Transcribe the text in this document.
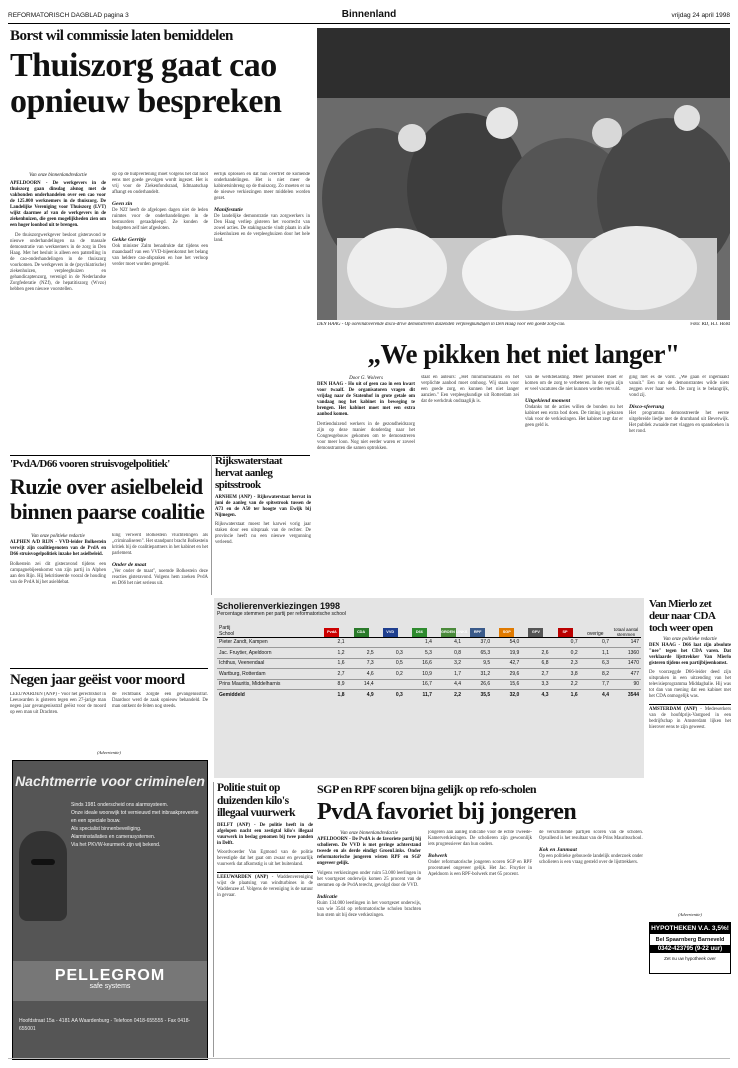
REFORMATORISCH DAGBLAD pagina 3	Binnenland	vrijdag 24 april 1998
Borst wil commissie laten bemiddelen
Thuiszorg gaat cao opnieuw bespreken
Van onze binnenlandredactie
APELDOORN - De werkgevers in de thuiszorg gaan dinsdag alsnog met de vakbonden onderhandelen over een cao voor de 125.000 werknemers in de thuiszorg. De Landelijke Vereniging voor Thuiszorg (LVT) wijkt daarmee af van de werkgevers in de ziekenhuizen, die geen mogelijkheden zien om een hoger loonbod uit te brengen.
De thuiszorgwerkgever besloot gisteravond te nieuwe onderhandelingen na de massale demonstratie van werknemers in de zorg in Den Haag. Met het besluit is alleen een patstelling in de cao-onderhandelingen in de thuiszorg voorkomen. De werkgevers in de (psychiatrische) ziekenhuizen, verpleeghuizen en gehandicaptenzorg, verenigd in de Nederlandse Zorgfederatie (NZf), de hepatitiszorg (Wvzo) hebben geen nieuwe voorstellen.
op op de hulpverlening moet volgens het dat noot eens met goede gevolgen wordt ingezet. Het is vrij voor de Ziekenfondsraad, lidmaatschap afhangt en onderhandelt.
Geen zin
De NZf heeft de afgelopen dagen niet de leden ruimtes voor de onderhandelingen in de bestuurders geraadpleegd. Ze konden de budgetten zelf niet afgesloten.
Gekke Gerritje
Ook minister Zalm benadrukte dat tijdens een maandaadf van een VVD-bijeenkomst het belang van heldere cao-afspraken en hoe het verloop verder moet worden geregeld.
eerlijk oplossen en dat hun overtref de komende onderhandelingen. Het is niet meer de kabinetsinbreng op de thuiszorg. Zo moeten er na de nieuwe verkiezingen meer middelen worden gezet.
Manifestatie
De landelijke demonstratie van zorgwerkers in Den Haag verliep gisteren het voorrecht van zowel acties. De stakingsactie vindt plaats in alle ziekenhuizen en de verpleeghuizen door het hele land.
DEN HAAG - Op ooreindoverende disco-drive demonstreren duizenden verpleegkundigen in Den Haag voor een goede zorg-cao.	Foto: RD, H.J. Holst
„We pikken het niet langer"
Door G. Wolvers
DEN HAAG - Ho uit of geen cao in een kwart voor twaalf. De organisatoren vragen dit vrijdag naar de Statenhof in grote getale om vandaag nog het kabinet in beweging te brengen. Het kabinet moet met een extra aanbod komen.
Dertienduizend werkers in de gezondheidszorg zijn op deze manier donderdag naar het Congresgebouw gekomen om te demonstreren voor meer loon. Nog niet eerder waren er zoveel demonstranten die samen optrokken.
staat en auteurs: „Het minimumsalaris en het verplichte aanbod moet omhoog. Wij staan voor een goede zorg, en kunnen het niet langer aanzien." Een verpleegkundige uit Rotterdam zei dat de werkdruk ondraaglijk is.
van de werkbelasting. Meer personeel moet er komen om de zorg te verbeteren. In de regio zijn er veel vacatures die niet kunnen worden vervuld.
Uitgekiend moment
Ondanks tot de acties willen de bonden nu het kabinet een extra bod doen. De timing is gekozen vlak voor de verkiezingen. Het kabinet zegt dat er geen geld is.
ging met es de vorst. „We gaan er ingemaakt vanuit." Een van de demonstrantes wilde niets zeggen over haar werk. De zorg is te belangrijk, vond zij.
Disco-sfeerung
Het programma demonstreerde het eerste uitgebreide liedje met de drumband uit Beverwijk. Het publiek zwaaide met vlaggen en spandoeken in het rond.
'PvdA/D66 vooren struisvogelpolitiek'
Ruzie over asielbeleid binnen paarse coalitie
Van onze politieke redactie
ALPHEN A/D RIJN - VVD-leider Bolkestein verwijt zijn coalitiegenoten van de PvdA en D66 struisvogelpolitiek inzake het asielbeleid.
Bolkestein zei dit gisteravond tijdens een campagnebijeenkomst van zijn partij in Alphen aan den Rijn. Hij bekritiseerde vooral de houding van de PvdA bij het asieldebat.
king verwerd Bolkestein vluchtelingen als „criminaliseren". Het standpunt bracht Bolkestein kritiek bij de coalitiepartners in het kabinet en het parlement.
Onder de maat
„Ver onder de maat", noemde Bolkestein deze reacties gisteravond. Volgens hem zoeken PvdA en D66 het niet serieus uit.
Rijkswaterstaat hervat aanleg spitsstrook
ARNHEM (ANP) - Rijkswaterstaat hervat in juni de aanleg van de spitsstrook tussen de A73 en de A50 ter hoogte van Ewijk bij Nijmegen.
Rijkswaterstaat moest het karwei vorig jaar staken door een uitspraak van de rechter. De provincie heeft nu een nieuwe vergunning verleend.
Scholierenverkiezingen 1998
Percentage stemmen per partij per reformatorische school
Partij
School	PvdA	CDA	VVD	D66	GROEN LINKS	RPF	SGP	GPV	SP	overige	totaal aantal stemmen
Pieter Zandt, Kampen	2,1			1,4	4,1	37,0	54,0		0,7	0,7	147
Jac. Fruytier, Apeldoorn	1,2	2,5	0,3	5,3	0,8	65,3	19,9	2,6	0,2	1,1	1360
Ichthus, Veenendaal	1,6	7,3	0,5	16,6	3,2	9,5	42,7	6,8	2,3	6,3	1470
Wartburg, Rotterdam	2,7	4,6	0,2	10,9	1,7	31,2	29,6	2,7	3,8	8,2	477
Prins Mauritis, Middelharnis	8,9	14,4		16,7	4,4	26,6	15,6	3,3	2,2	7,7	90
Gemiddeld	1,8	4,9	0,3	11,7	2,2	35,5	32,0	4,3	1,6	4,4	3544
Van Mierlo zet deur naar CDA toch weer open
Van onze politieke redactie
DEN HAAG - D66 laat zijn absolute "nee" tegen het CDA varen. Dat verklaarde lijsttrekker Van Mierlo gisteren tijdens een partijbijeenkomst.
De voorzeggde D66-leider deed zijn uitspraken in een uitzending van het televisieprogramma Middagbalie. Hij was tot dan van mening dat een kabinet met het CDA onmogelijk was.
AMSTERDAM (ANP) - Medewerkers van de hoofdprijs-Vastgoed in een bedrijfschap in Amsterdam lijken het hierover eens te zijn geweest.
Negen jaar geëist voor moord
LEEUWARDEN (ANP) - Voor het gerechtshof in Leeuwarden is gisteren tegen een 27-jarige man negen jaar gevangenisstraf geëist voor de moord op een man uit Drachten.
de rechtbank zorgde een gevangenisstraf. Daardoor werd de zaak opnieuw behandeld. De man ontkent de feiten nog steeds.
(Advertentie)
Nachtmerrie voor criminelen
Sinds 1981 onderscheid ons alarmsysteem.
Onze ideale woonwijk tot vernieuwd met inbraakpreventie en een speciale bouw.
Als specialist binnenbeveiliging.
Alarminstallaties en camerasystemen.
Via het PKVW-keurmerk zijn wij bekend.
PELLEGROM
safe systems
Hoofdstraat 15a - 4181 AA Waardenburg - Telefoon 0418-655555 - Fax 0418-655001
Politie stuit op duizenden kilo's illegaal vuurwerk
DELFT (ANP) - De politie heeft in de afgelopen nacht een zestigtal kilo's illegaal vuurwerk in beslag genomen bij twee panden in Delft.
Woordvoerder Van Egmond van de politie bevestigde dat het gaat om zwaar en gevaarlijk vuurwerk dat afkomstig is uit het buitenland.
LEEUWARDEN (ANP) - Waddenvereniging wijst de plaatsing van windturbines in de Waddenzee af. Volgens de vereniging is de natuur in gevaar.
SGP en RPF scoren bijna gelijk op refo-scholen
PvdA favoriet bij jongeren
Van onze binnenlandredactie
APELDOORN - De PvdA is de favoriete partij bij scholieren. De VVD is met geringe achterstand tweede en als derde eindigt GroenLinks. Onder reformatorische jongeren wisten RPF en SGP ongeveer gelijk.
Volgens verkiezingen onder ruim 53.000 leerlingen in het voortgezet onderwijs komen 25 procent van de stemmen op de PvdA terecht, gevolgd door de VVD.
Indicatie
Ruim 134.000 leerlingen in het voortgezet onderwijs, van wie 3544 op reformatorische scholen brachten hun stem uit bij deze verkiezingen.
jongeren aan aanleg indicatie voor de echte Tweede-Kamerverkiezingen. De scholieren zijn gewoonlijk iets progressiever dan hun ouders.
Bolwerk
Onder reformatorische jongeren scoren SGP en RPF procentueel ongeveer gelijk. Het Jac. Fruytier in Apeldoorn is een RPF-bolwerk met 65 procent.
de verschillende partijen scoren van de scholen. Opvallend is het resultaat van de Prins Mauritsschool.
Kok en Janmaat
Op een politieke gebouwde landelijk onderzoek onder scholieren is een vraag gesteld over de lijsttrekkers.
(Advertentie)
HYPOTHEKEN V.A. 3,5%!
Bel Spaarnberg Barneveld
0342-423795 (9-22 uur)
Zet nu uw hypotheek over
